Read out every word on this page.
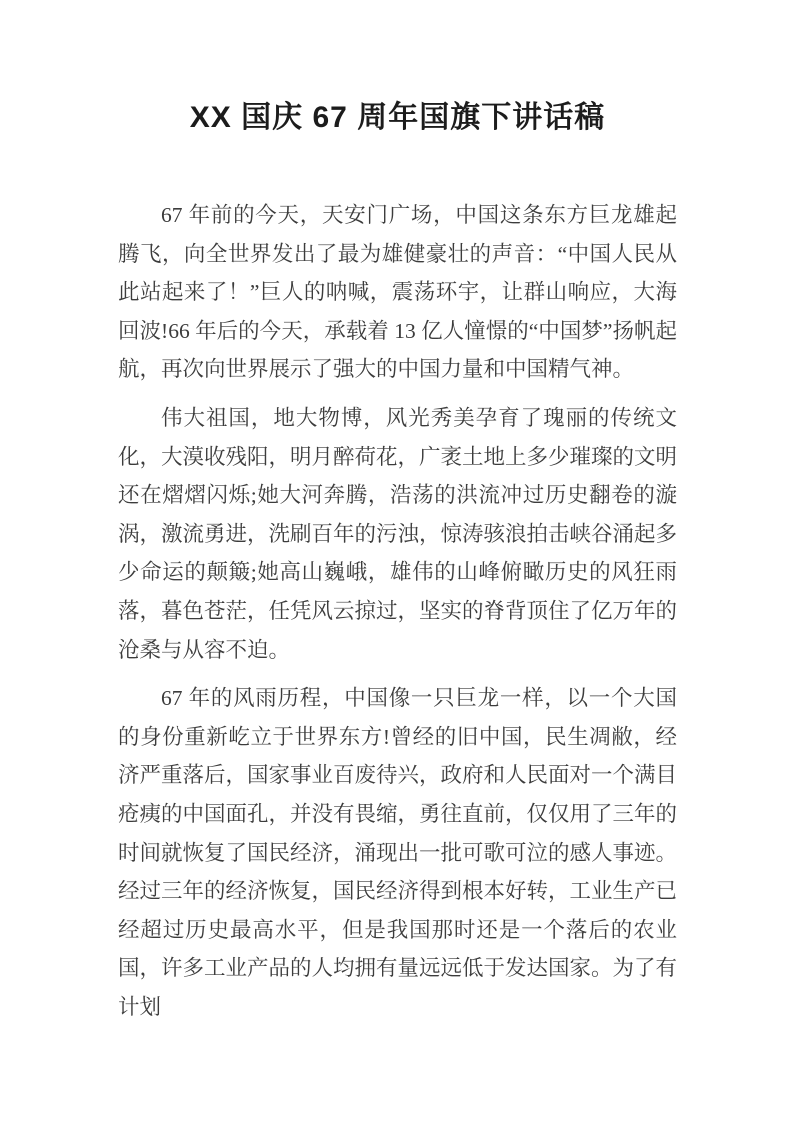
XX 国庆 67 周年国旗下讲话稿

67 年前的今天，天安门广场，中国这条东方巨龙雄起腾飞，向全世界发出了最为雄健豪壮的声音：“中国人民从此站起来了！”巨人的呐喊，震荡环宇，让群山响应，大海回波!66 年后的今天，承载着 13 亿人憧憬的“中国梦”扬帆起航，再次向世界展示了强大的中国力量和中国精气神。

伟大祖国，地大物博，风光秀美孕育了瑰丽的传统文化，大漠收残阳，明月醉荷花，广袤土地上多少璀璨的文明还在熠熠闪烁;她大河奔腾，浩荡的洪流冲过历史翻卷的漩涡，激流勇进，洗刷百年的污浊，惊涛骇浪拍击峡谷涌起多少命运的颠簸;她高山巍峨，雄伟的山峰俯瞰历史的风狂雨落，暮色苍茫，任凭风云掠过，坚实的脊背顶住了亿万年的沧桑与从容不迫。

67 年的风雨历程，中国像一只巨龙一样，以一个大国的身份重新屹立于世界东方!曾经的旧中国，民生凋敝，经济严重落后，国家事业百废待兴，政府和人民面对一个满目疮痍的中国面孔，并没有畏缩，勇往直前，仅仅用了三年的时间就恢复了国民经济，涌现出一批可歌可泣的感人事迹。经过三年的经济恢复，国民经济得到根本好转，工业生产已经超过历史最高水平，但是我国那时还是一个落后的农业国，许多工业产品的人均拥有量远远低于发达国家。为了有计划
